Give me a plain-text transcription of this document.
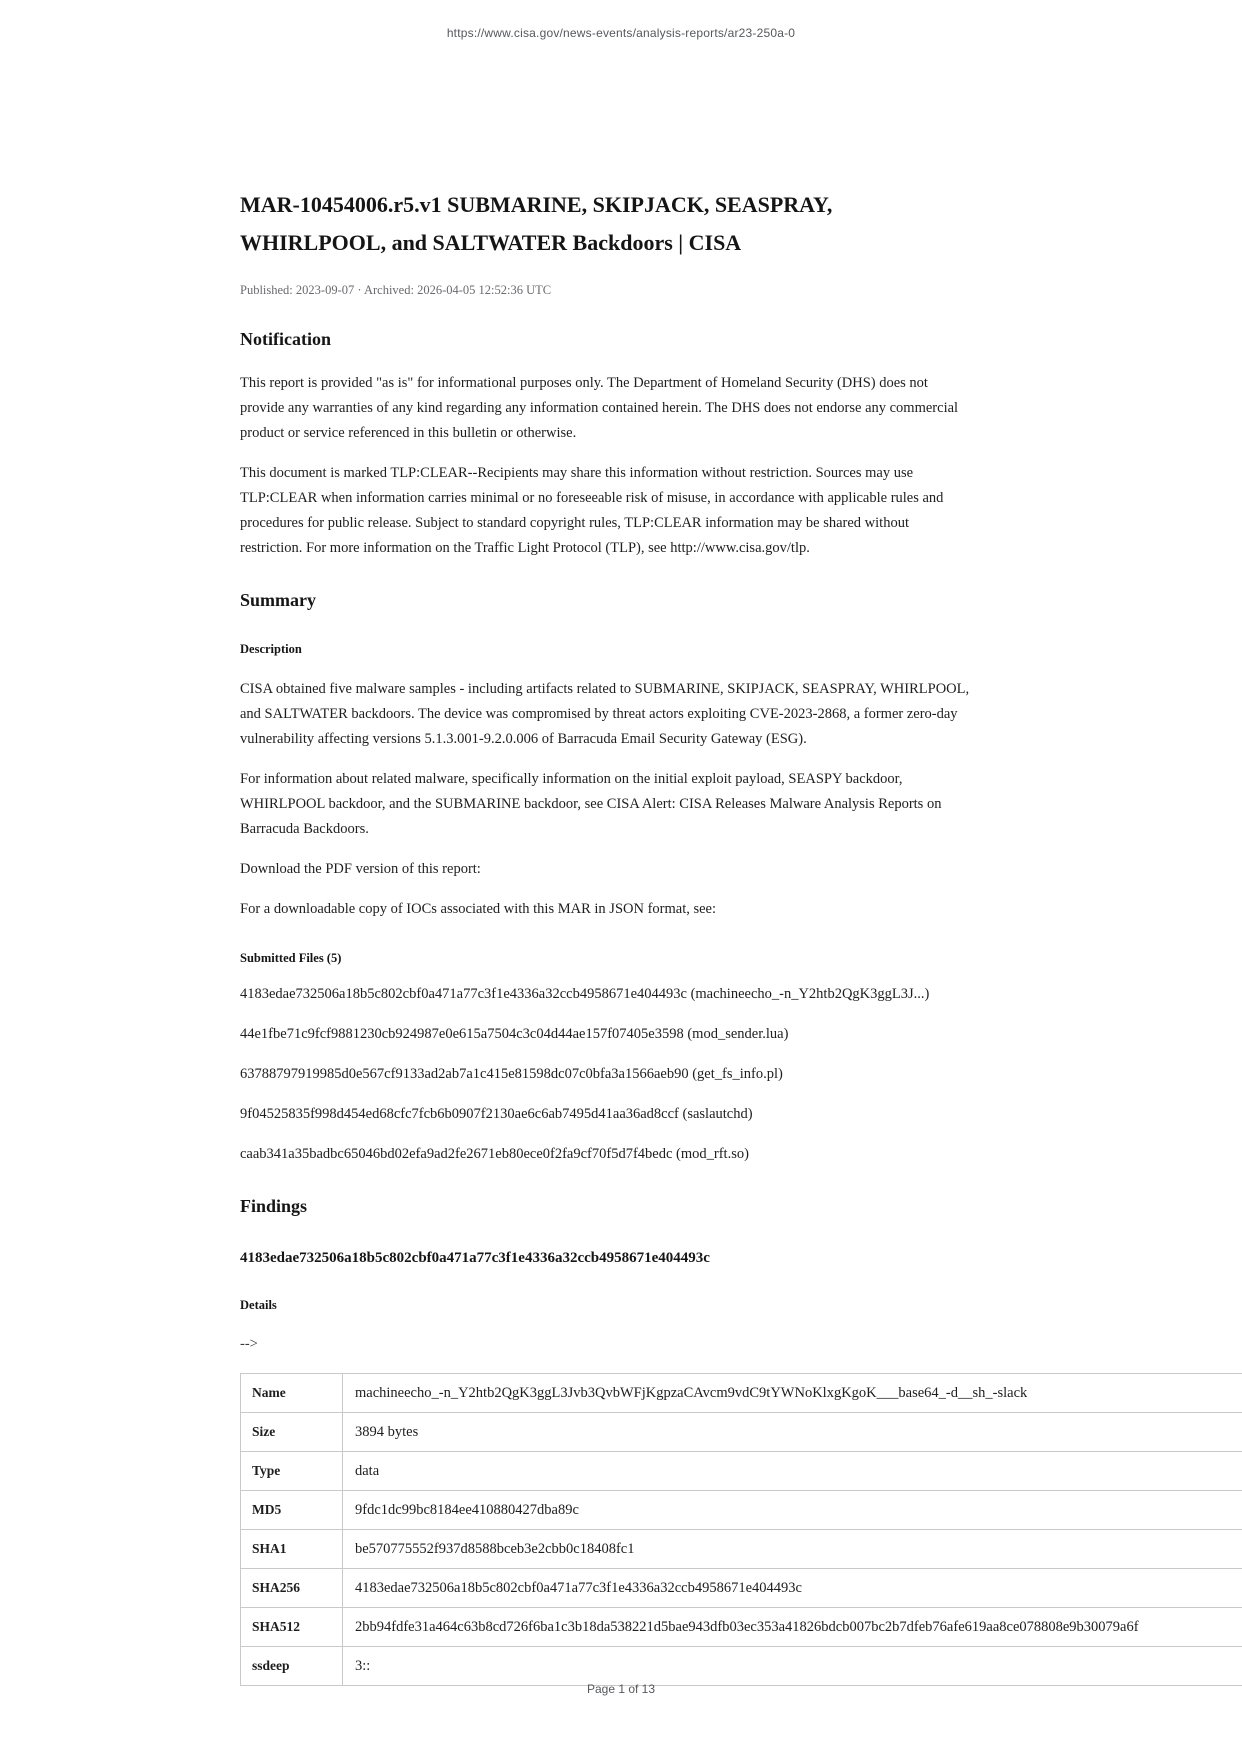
https://www.cisa.gov/news-events/analysis-reports/ar23-250a-0
MAR-10454006.r5.v1 SUBMARINE, SKIPJACK, SEASPRAY, WHIRLPOOL, and SALTWATER Backdoors | CISA
Published: 2023-09-07 · Archived: 2026-04-05 12:52:36 UTC
Notification

This report is provided "as is" for informational purposes only. The Department of Homeland Security (DHS) does not provide any warranties of any kind regarding any information contained herein. The DHS does not endorse any commercial product or service referenced in this bulletin or otherwise.

This document is marked TLP:CLEAR--Recipients may share this information without restriction. Sources may use TLP:CLEAR when information carries minimal or no foreseeable risk of misuse, in accordance with applicable rules and procedures for public release. Subject to standard copyright rules, TLP:CLEAR information may be shared without restriction. For more information on the Traffic Light Protocol (TLP), see http://www.cisa.gov/tlp.

Summary
Description

CISA obtained five malware samples - including artifacts related to SUBMARINE, SKIPJACK, SEASPRAY, WHIRLPOOL, and SALTWATER backdoors. The device was compromised by threat actors exploiting CVE-2023-2868, a former zero-day vulnerability affecting versions 5.1.3.001-9.2.0.006 of Barracuda Email Security Gateway (ESG).

For information about related malware, specifically information on the initial exploit payload, SEASPY backdoor, WHIRLPOOL backdoor, and the SUBMARINE backdoor, see CISA Alert: CISA Releases Malware Analysis Reports on Barracuda Backdoors.

Download the PDF version of this report:

For a downloadable copy of IOCs associated with this MAR in JSON format, see:

Submitted Files (5)

4183edae732506a18b5c802cbf0a471a77c3f1e4336a32ccb4958671e404493c (machineecho_-n_Y2htb2QgK3ggL3J...)

44e1fbe71c9fcf9881230cb924987e0e615a7504c3c04d44ae157f07405e3598 (mod_sender.lua)

63788797919985d0e567cf9133ad2ab7a1c415e81598dc07c0bfa3a1566aeb90 (get_fs_info.pl)

9f04525835f998d454ed68cfc7fcb6b0907f2130ae6c6ab7495d41aa36ad8ccf (saslautchd)

caab341a35badbc65046bd02efa9ad2fe2671eb80ece0f2fa9cf70f5d7f4bedc (mod_rft.so)

Findings
4183edae732506a18b5c802cbf0a471a77c3f1e4336a32ccb4958671e404493c
Details

-->

Name	machineecho_-n_Y2htb2QgK3ggL3Jvb3QvbWFjKgpzaCAvcm9vdC9tYWNoKlxgKgoK___base64_-d__sh_-slack
Size	3894 bytes
Type	data
MD5	9fdc1dc99bc8184ee410880427dba89c
SHA1	be570775552f937d8588bceb3e2cbb0c18408fc1
SHA256	4183edae732506a18b5c802cbf0a471a77c3f1e4336a32ccb4958671e404493c
SHA512	2bb94fdfe31a464c63b8cd726f6ba1c3b18da538221d5bae943dfb03ec353a41826bdcb007bc2b7dfeb76afe619aa8ce078808e9b30079a6f
ssdeep	3::
Page 1 of 13
